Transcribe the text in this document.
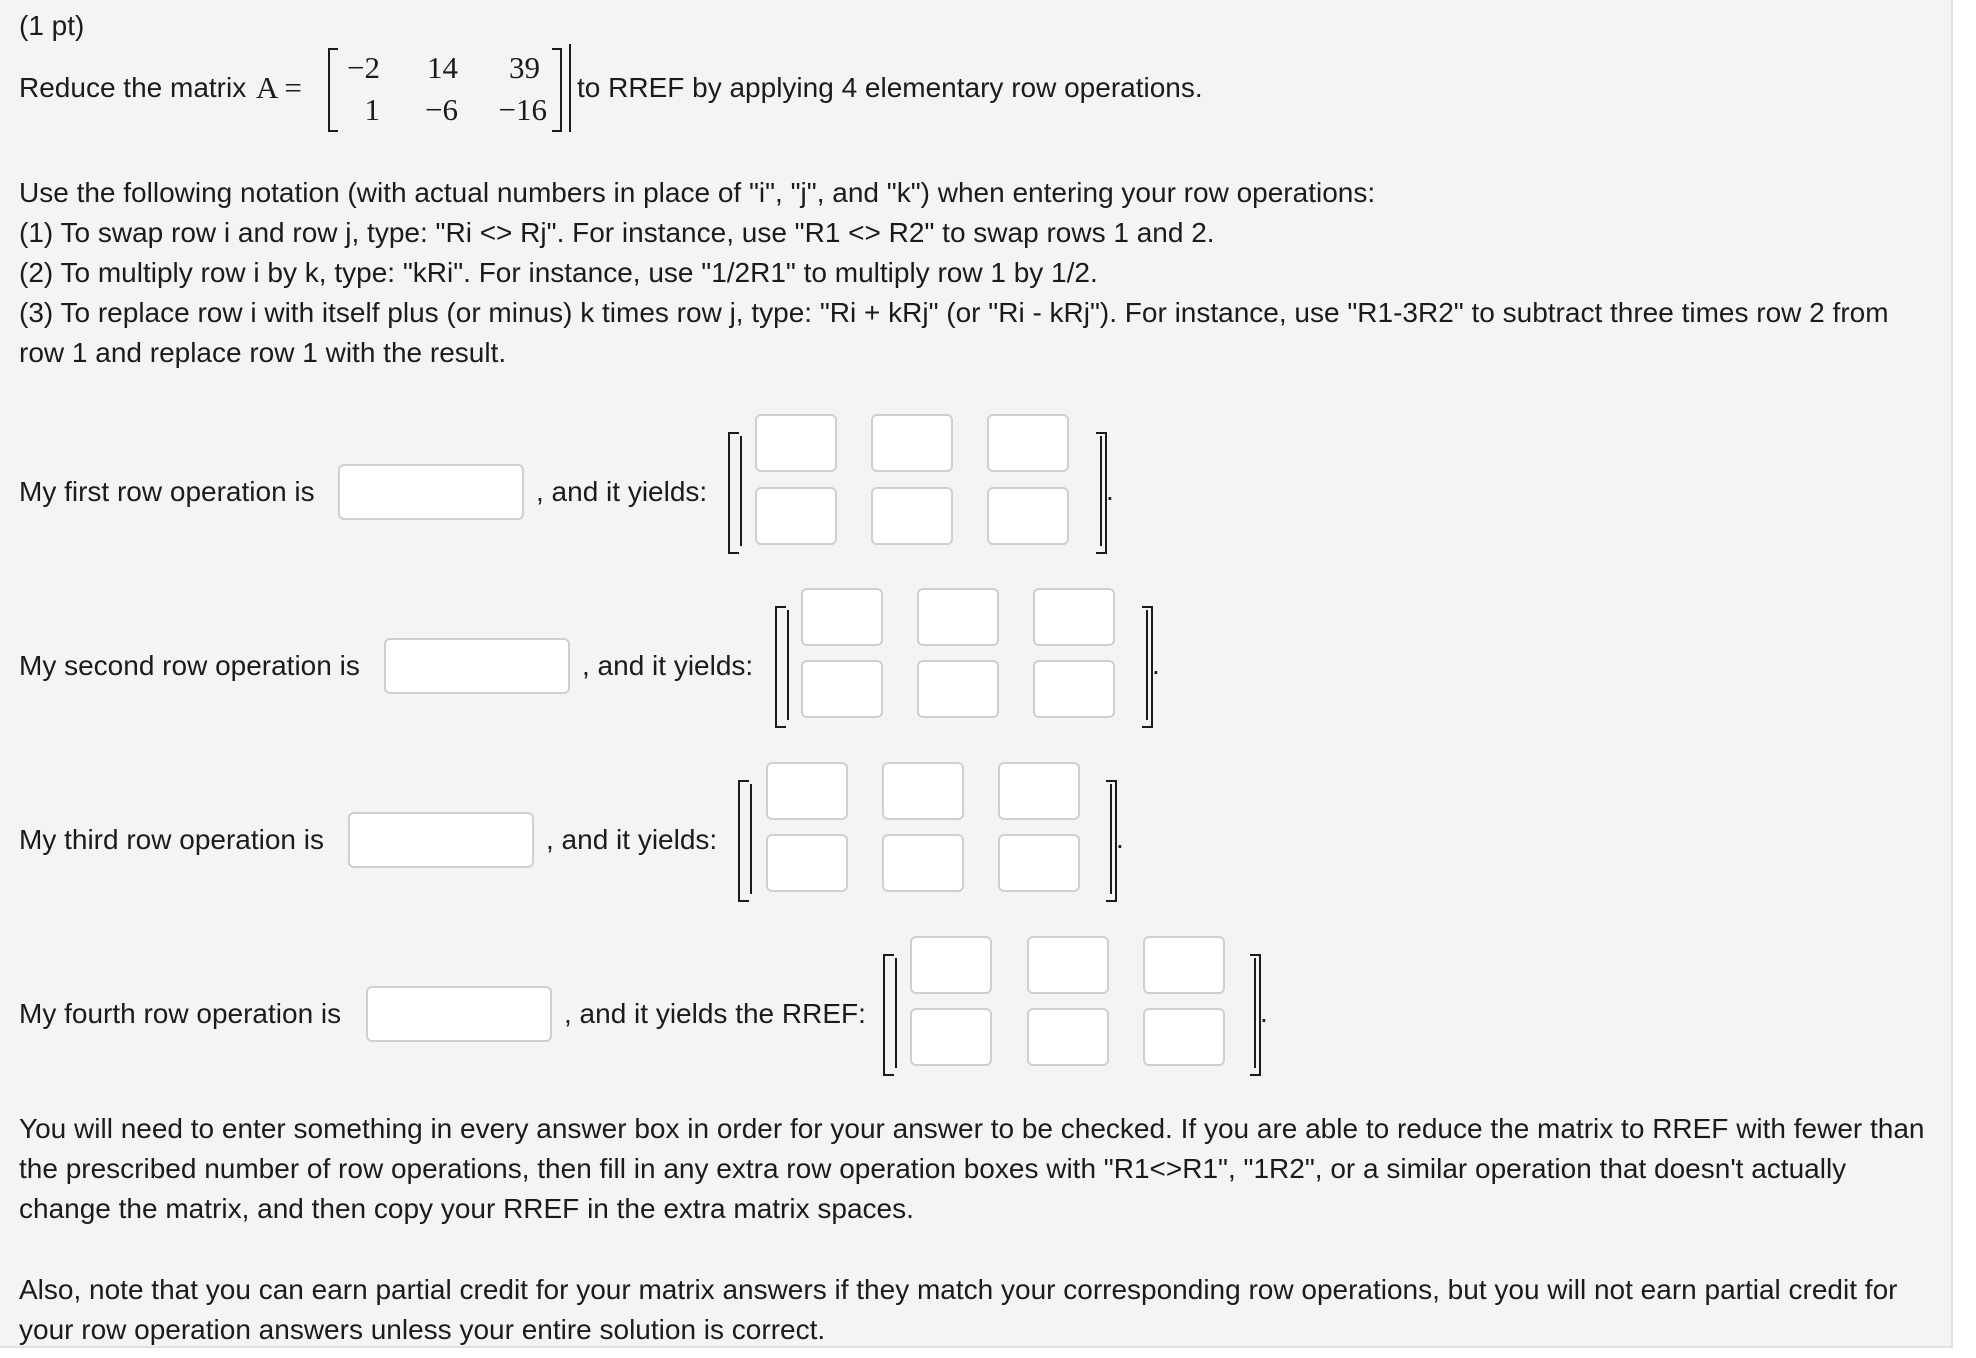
(1 pt)
Reduce the matrix A =
−2	14	39
1	−6	−16
to RREF by applying 4 elementary row operations.
Use the following notation (with actual numbers in place of "i", "j", and "k") when entering your row operations:
(1) To swap row i and row j, type: "Ri <> Rj". For instance, use "R1 <> R2" to swap rows 1 and 2.
(2) To multiply row i by k, type: "kRi". For instance, use "1/2R1" to multiply row 1 by 1/2.
(3) To replace row i with itself plus (or minus) k times row j, type: "Ri + kRj" (or "Ri - kRj"). For instance, use "R1-3R2" to subtract three times row 2 from
row 1 and replace row 1 with the result.
My first row operation is	, and it yields:	.
My second row operation is	, and it yields:	.
My third row operation is	, and it yields:	.
My fourth row operation is	, and it yields the RREF:	.
You will need to enter something in every answer box in order for your answer to be checked. If you are able to reduce the matrix to RREF with fewer than
the prescribed number of row operations, then fill in any extra row operation boxes with "R1<>R1", "1R2", or a similar operation that doesn't actually
change the matrix, and then copy your RREF in the extra matrix spaces.
Also, note that you can earn partial credit for your matrix answers if they match your corresponding row operations, but you will not earn partial credit for
your row operation answers unless your entire solution is correct.
